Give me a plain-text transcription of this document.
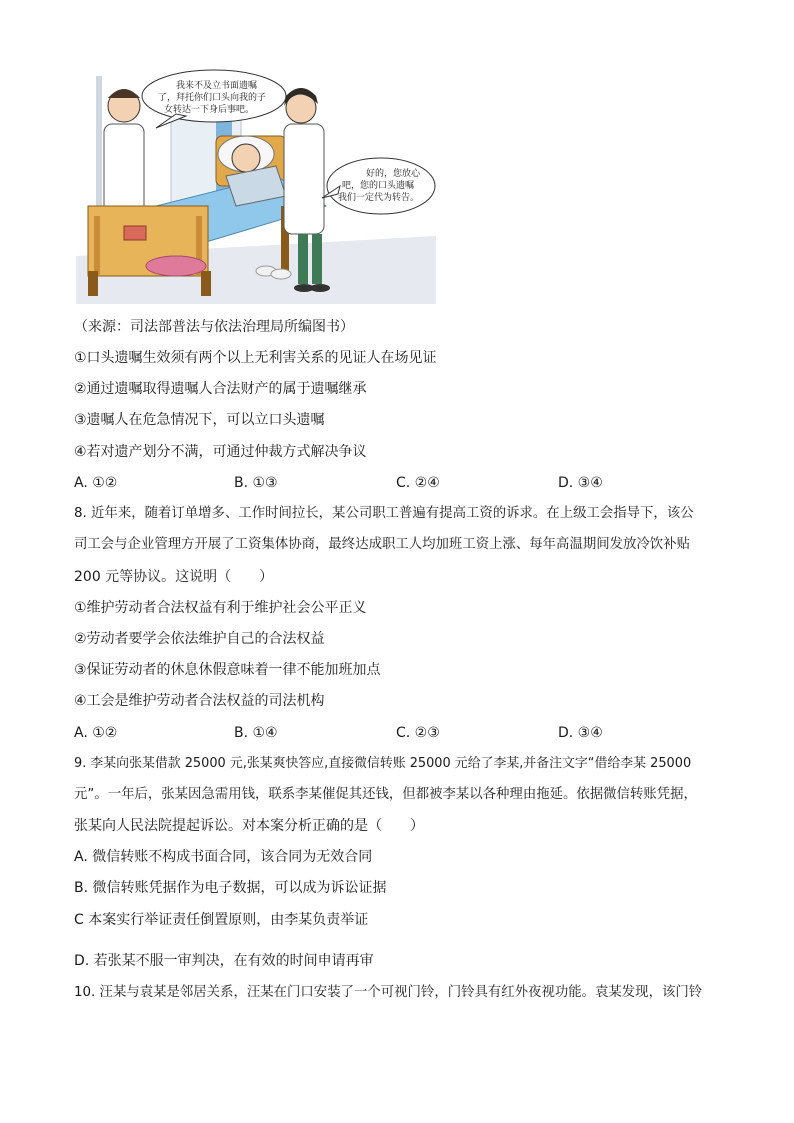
我来不及立书面遗嘱
了，拜托你们口头向我的子
女转达一下身后事吧。
好的，您放心
吧，您的口头遗嘱
我们一定代为转告。
（来源：司法部普法与依法治理局所编图书）
①口头遗嘱生效须有两个以上无利害关系的见证人在场见证
②通过遗嘱取得遗嘱人合法财产的属于遗嘱继承
③遗嘱人在危急情况下，可以立口头遗嘱
④若对遗产划分不满，可通过仲裁方式解决争议
A. ①②	B. ①③	C. ②④	D. ③④
8. 近年来，随着订单增多、工作时间拉长，某公司职工普遍有提高工资的诉求。在上级工会指导下，该公
司工会与企业管理方开展了工资集体协商，最终达成职工人均加班工资上涨、每年高温期间发放冷饮补贴
200 元等协议。这说明（　　）
①维护劳动者合法权益有利于维护社会公平正义
②劳动者要学会依法维护自己的合法权益
③保证劳动者的休息休假意味着一律不能加班加点
④工会是维护劳动者合法权益的司法机构
A. ①②	B. ①④	C. ②③	D. ③④
9. 李某向张某借款 25000 元,张某爽快答应,直接微信转账 25000 元给了李某,并备注文字“借给李某 25000
元”。一年后，张某因急需用钱，联系李某催促其还钱，但都被李某以各种理由拖延。依据微信转账凭据，
张某向人民法院提起诉讼。对本案分析正确的是（　　）
A. 微信转账不构成书面合同，该合同为无效合同
B. 微信转账凭据作为电子数据，可以成为诉讼证据
C 本案实行举证责任倒置原则，由李某负责举证
D. 若张某不服一审判决，在有效的时间申请再审
10. 汪某与袁某是邻居关系，汪某在门口安装了一个可视门铃，门铃具有红外夜视功能。袁某发现，该门铃
